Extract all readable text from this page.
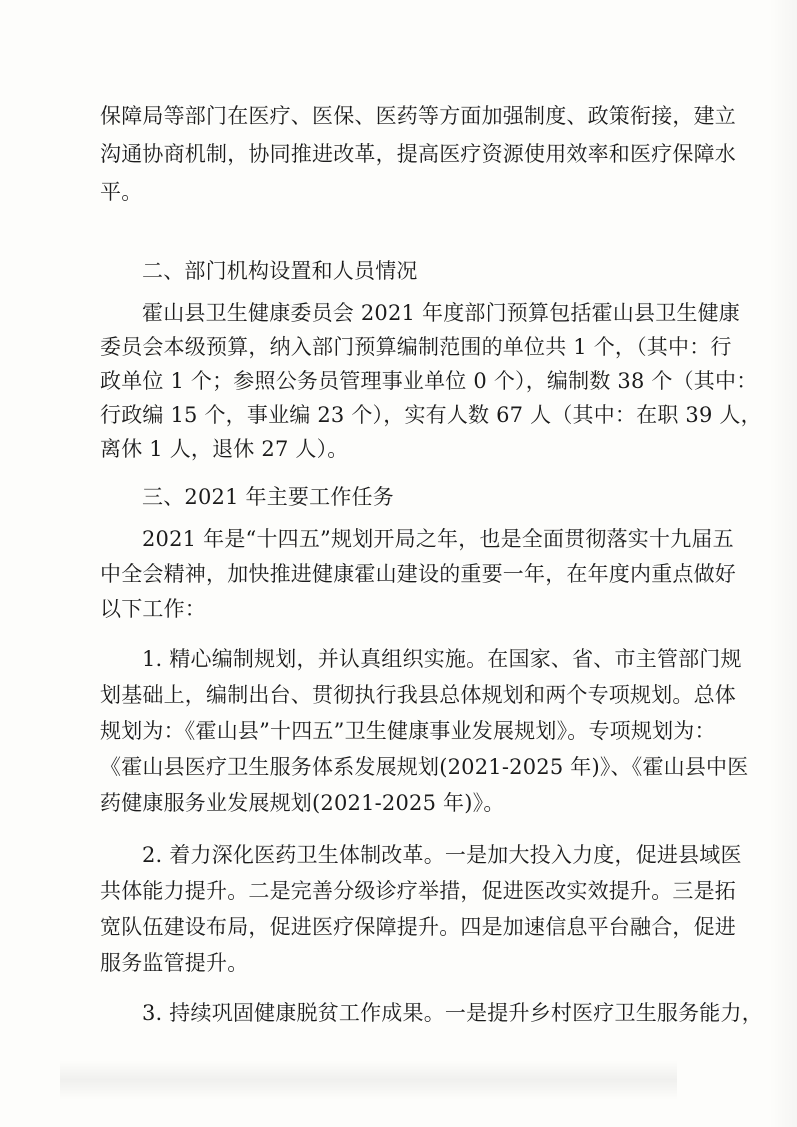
保障局等部门在医疗、医保、医药等方面加强制度、政策衔接，建立
沟通协商机制，协同推进改革，提高医疗资源使用效率和医疗保障水
平。
二、部门机构设置和人员情况
霍山县卫生健康委员会 2021 年度部门预算包括霍山县卫生健康
委员会本级预算，纳入部门预算编制范围的单位共 1 个，（其中：行
政单位 1 个；参照公务员管理事业单位 0 个），编制数 38 个（其中：
行政编 15 个，事业编 23 个），实有人数 67 人（其中：在职 39 人，
离休 1 人，退休 27 人）。
三、2021 年主要工作任务
2021 年是“十四五”规划开局之年，也是全面贯彻落实十九届五
中全会精神，加快推进健康霍山建设的重要一年，在年度内重点做好
以下工作：
1. 精心编制规划，并认真组织实施。在国家、省、市主管部门规
划基础上，编制出台、贯彻执行我县总体规划和两个专项规划。总体
规划为：《霍山县”十四五”卫生健康事业发展规划》。专项规划为：
《霍山县医疗卫生服务体系发展规划(2021-2025 年)》、《霍山县中医
药健康服务业发展规划(2021-2025 年)》。
2. 着力深化医药卫生体制改革。一是加大投入力度，促进县域医
共体能力提升。二是完善分级诊疗举措，促进医改实效提升。三是拓
宽队伍建设布局，促进医疗保障提升。四是加速信息平台融合，促进
服务监管提升。
3. 持续巩固健康脱贫工作成果。一是提升乡村医疗卫生服务能力，
